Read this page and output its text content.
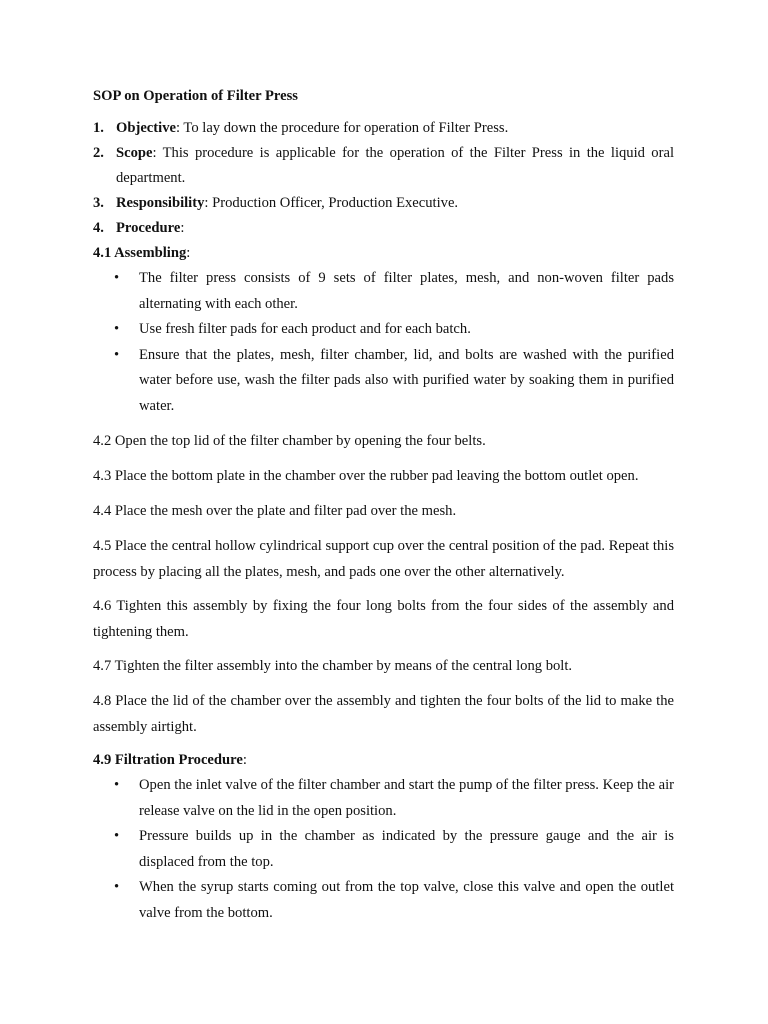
SOP on Operation of Filter Press

1. Objective: To lay down the procedure for operation of Filter Press.
2. Scope: This procedure is applicable for the operation of the Filter Press in the liquid oral department.
3. Responsibility: Production Officer, Production Executive.
4. Procedure:
4.1 Assembling:
• The filter press consists of 9 sets of filter plates, mesh, and non-woven filter pads alternating with each other.
• Use fresh filter pads for each product and for each batch.
• Ensure that the plates, mesh, filter chamber, lid, and bolts are washed with the purified water before use, wash the filter pads also with purified water by soaking them in purified water.

4.2 Open the top lid of the filter chamber by opening the four belts.

4.3 Place the bottom plate in the chamber over the rubber pad leaving the bottom outlet open.

4.4 Place the mesh over the plate and filter pad over the mesh.

4.5 Place the central hollow cylindrical support cup over the central position of the pad. Repeat this process by placing all the plates, mesh, and pads one over the other alternatively.

4.6 Tighten this assembly by fixing the four long bolts from the four sides of the assembly and tightening them.

4.7 Tighten the filter assembly into the chamber by means of the central long bolt.

4.8 Place the lid of the chamber over the assembly and tighten the four bolts of the lid to make the assembly airtight.

4.9 Filtration Procedure:
• Open the inlet valve of the filter chamber and start the pump of the filter press. Keep the air release valve on the lid in the open position.
• Pressure builds up in the chamber as indicated by the pressure gauge and the air is displaced from the top.
• When the syrup starts coming out from the top valve, close this valve and open the outlet valve from the bottom.
